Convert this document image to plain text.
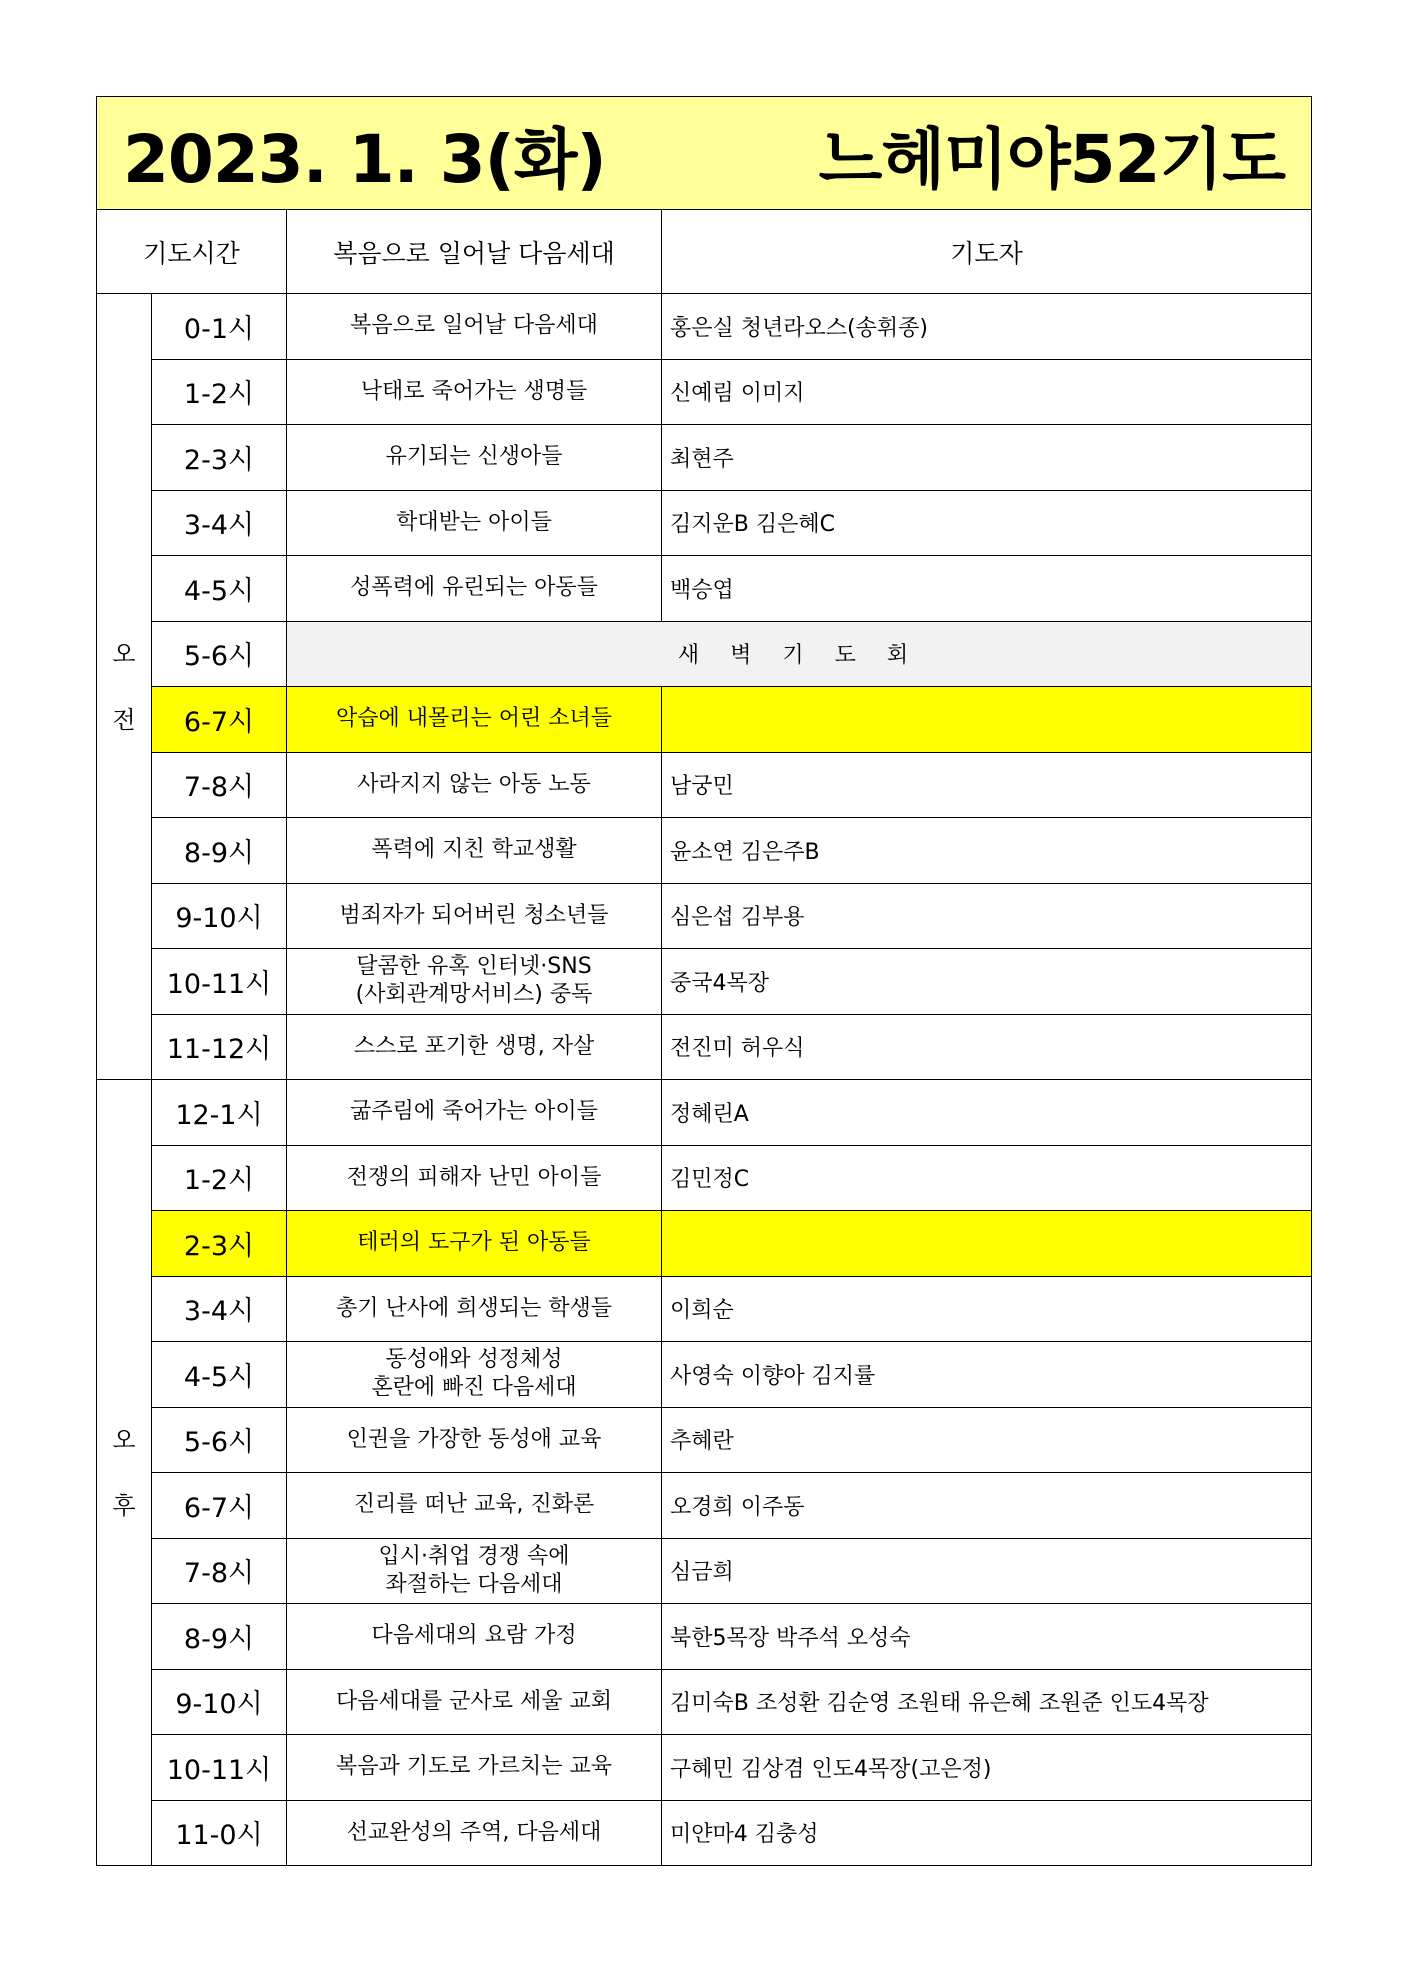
2023. 1. 3(화) 느헤미야52기도			

기도시간		복음으로 일어날 다음세대	기도자

오
전	0-1시	복음으로 일어날 다음세대	홍은실 청년라오스(송휘종)
	1-2시	낙태로 죽어가는 생명들	신예림 이미지
	2-3시	유기되는 신생아들	최현주
	3-4시	학대받는 아이들	김지운B 김은혜C
	4-5시	성폭력에 유린되는 아동들	백승엽
	5-6시	새 벽 기 도 회	
	6-7시	악습에 내몰리는 어린 소녀들	

	7-8시	사라지지 않는 아동 노동	남궁민
	8-9시	폭력에 지친 학교생활	윤소연 김은주B
	9-10시	범죄자가 되어버린 청소년들	심은섭 김부용
	10-11시	달콤한 유혹 인터넷·SNS
(사회관계망서비스) 중독	중국4목장
	11-12시	스스로 포기한 생명, 자살	전진미 허우식

오
후	12-1시	굶주림에 죽어가는 아이들	정혜린A
	1-2시	전쟁의 피해자 난민 아이들	김민정C
	2-3시	테러의 도구가 된 아동들	

	3-4시	총기 난사에 희생되는 학생들	이희순
	4-5시	동성애와 성정체성
혼란에 빠진 다음세대	사영숙 이향아 김지률
	5-6시	인권을 가장한 동성애 교육	추혜란
	6-7시	진리를 떠난 교육, 진화론	오경희 이주동
	7-8시	입시·취업 경쟁 속에
좌절하는 다음세대	심금희
	8-9시	다음세대의 요람 가정	북한5목장 박주석 오성숙
	9-10시	다음세대를 군사로 세울 교회	김미숙B 조성환 김순영 조원태 유은혜 조원준 인도4목장
	10-11시	복음과 기도로 가르치는 교육	구혜민 김상겸 인도4목장(고은정)
	11-0시	선교완성의 주역, 다음세대	미얀마4 김충성
